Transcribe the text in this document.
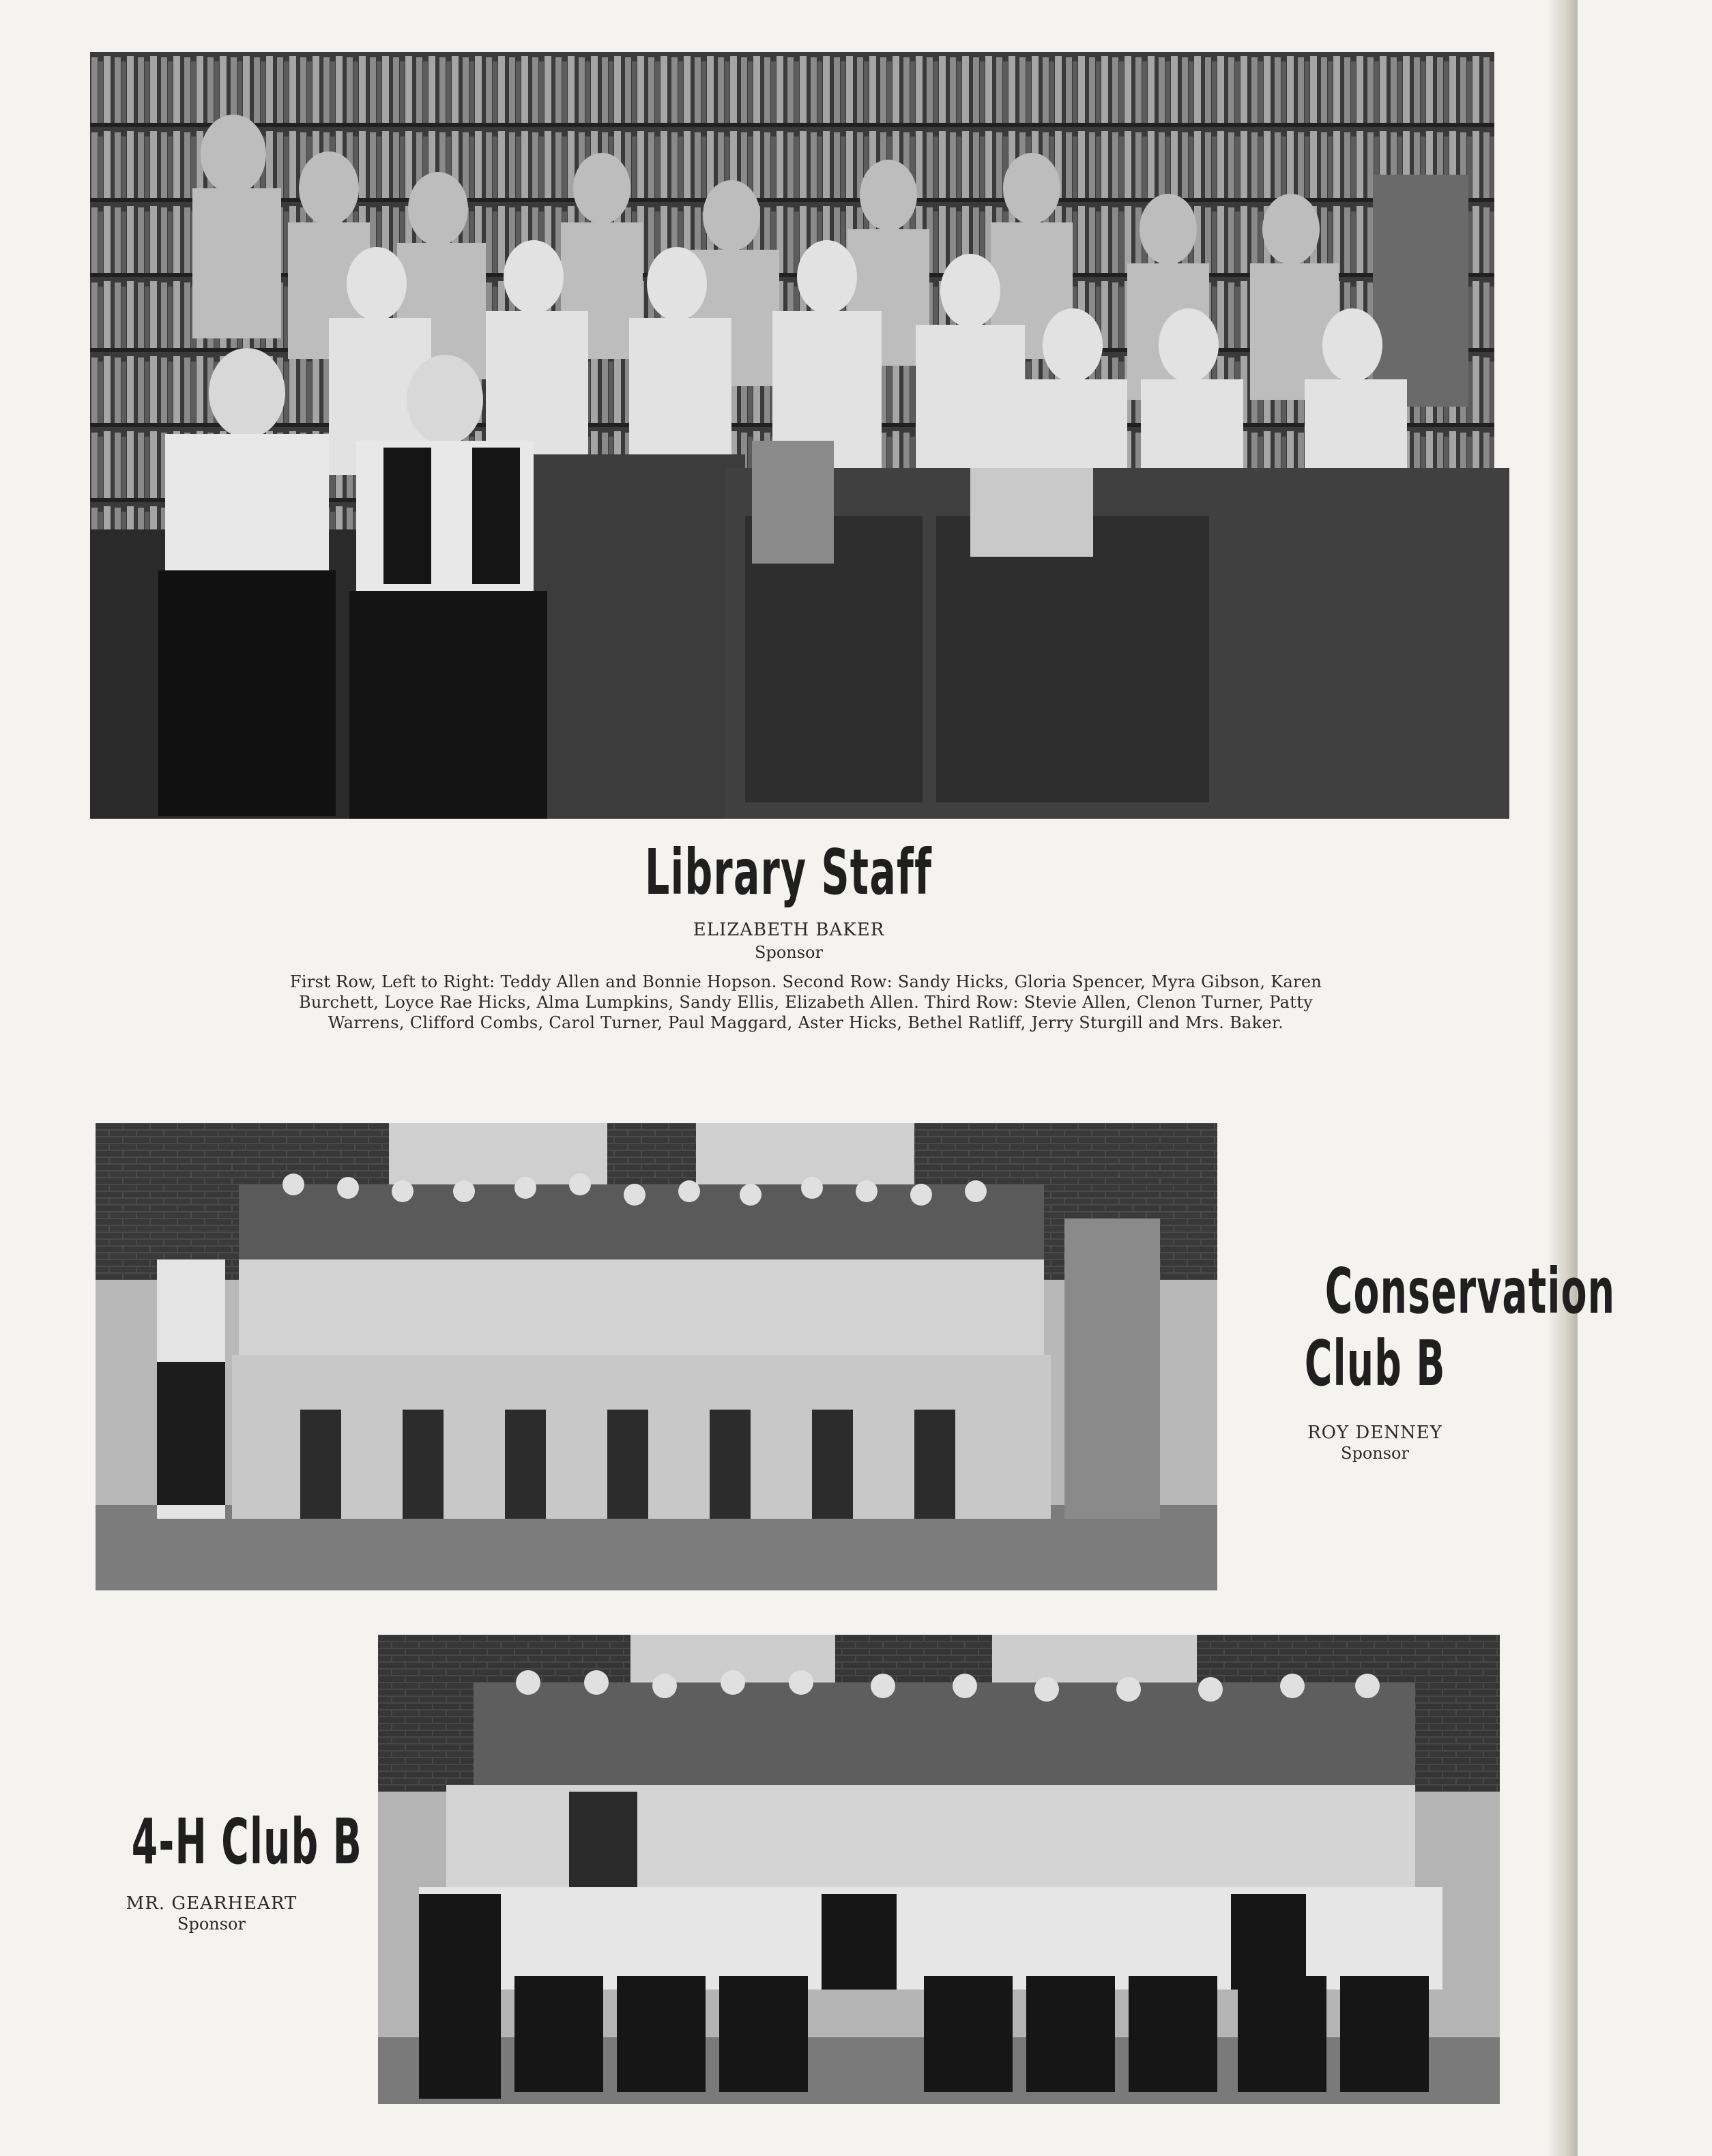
Library Staff
ELIZABETH BAKER
Sponsor
First Row, Left to Right: Teddy Allen and Bonnie Hopson. Second Row: Sandy Hicks, Gloria Spencer, Myra Gibson, Karen Burchett, Loyce Rae Hicks, Alma Lumpkins, Sandy Ellis, Elizabeth Allen. Third Row: Stevie Allen, Clenon Turner, Patty Warrens, Clifford Combs, Carol Turner, Paul Maggard, Aster Hicks, Bethel Ratliff, Jerry Sturgill and Mrs. Baker.
Conservation
Club B
ROY DENNEY
Sponsor
4-H Club B
MR. GEARHEART
Sponsor
